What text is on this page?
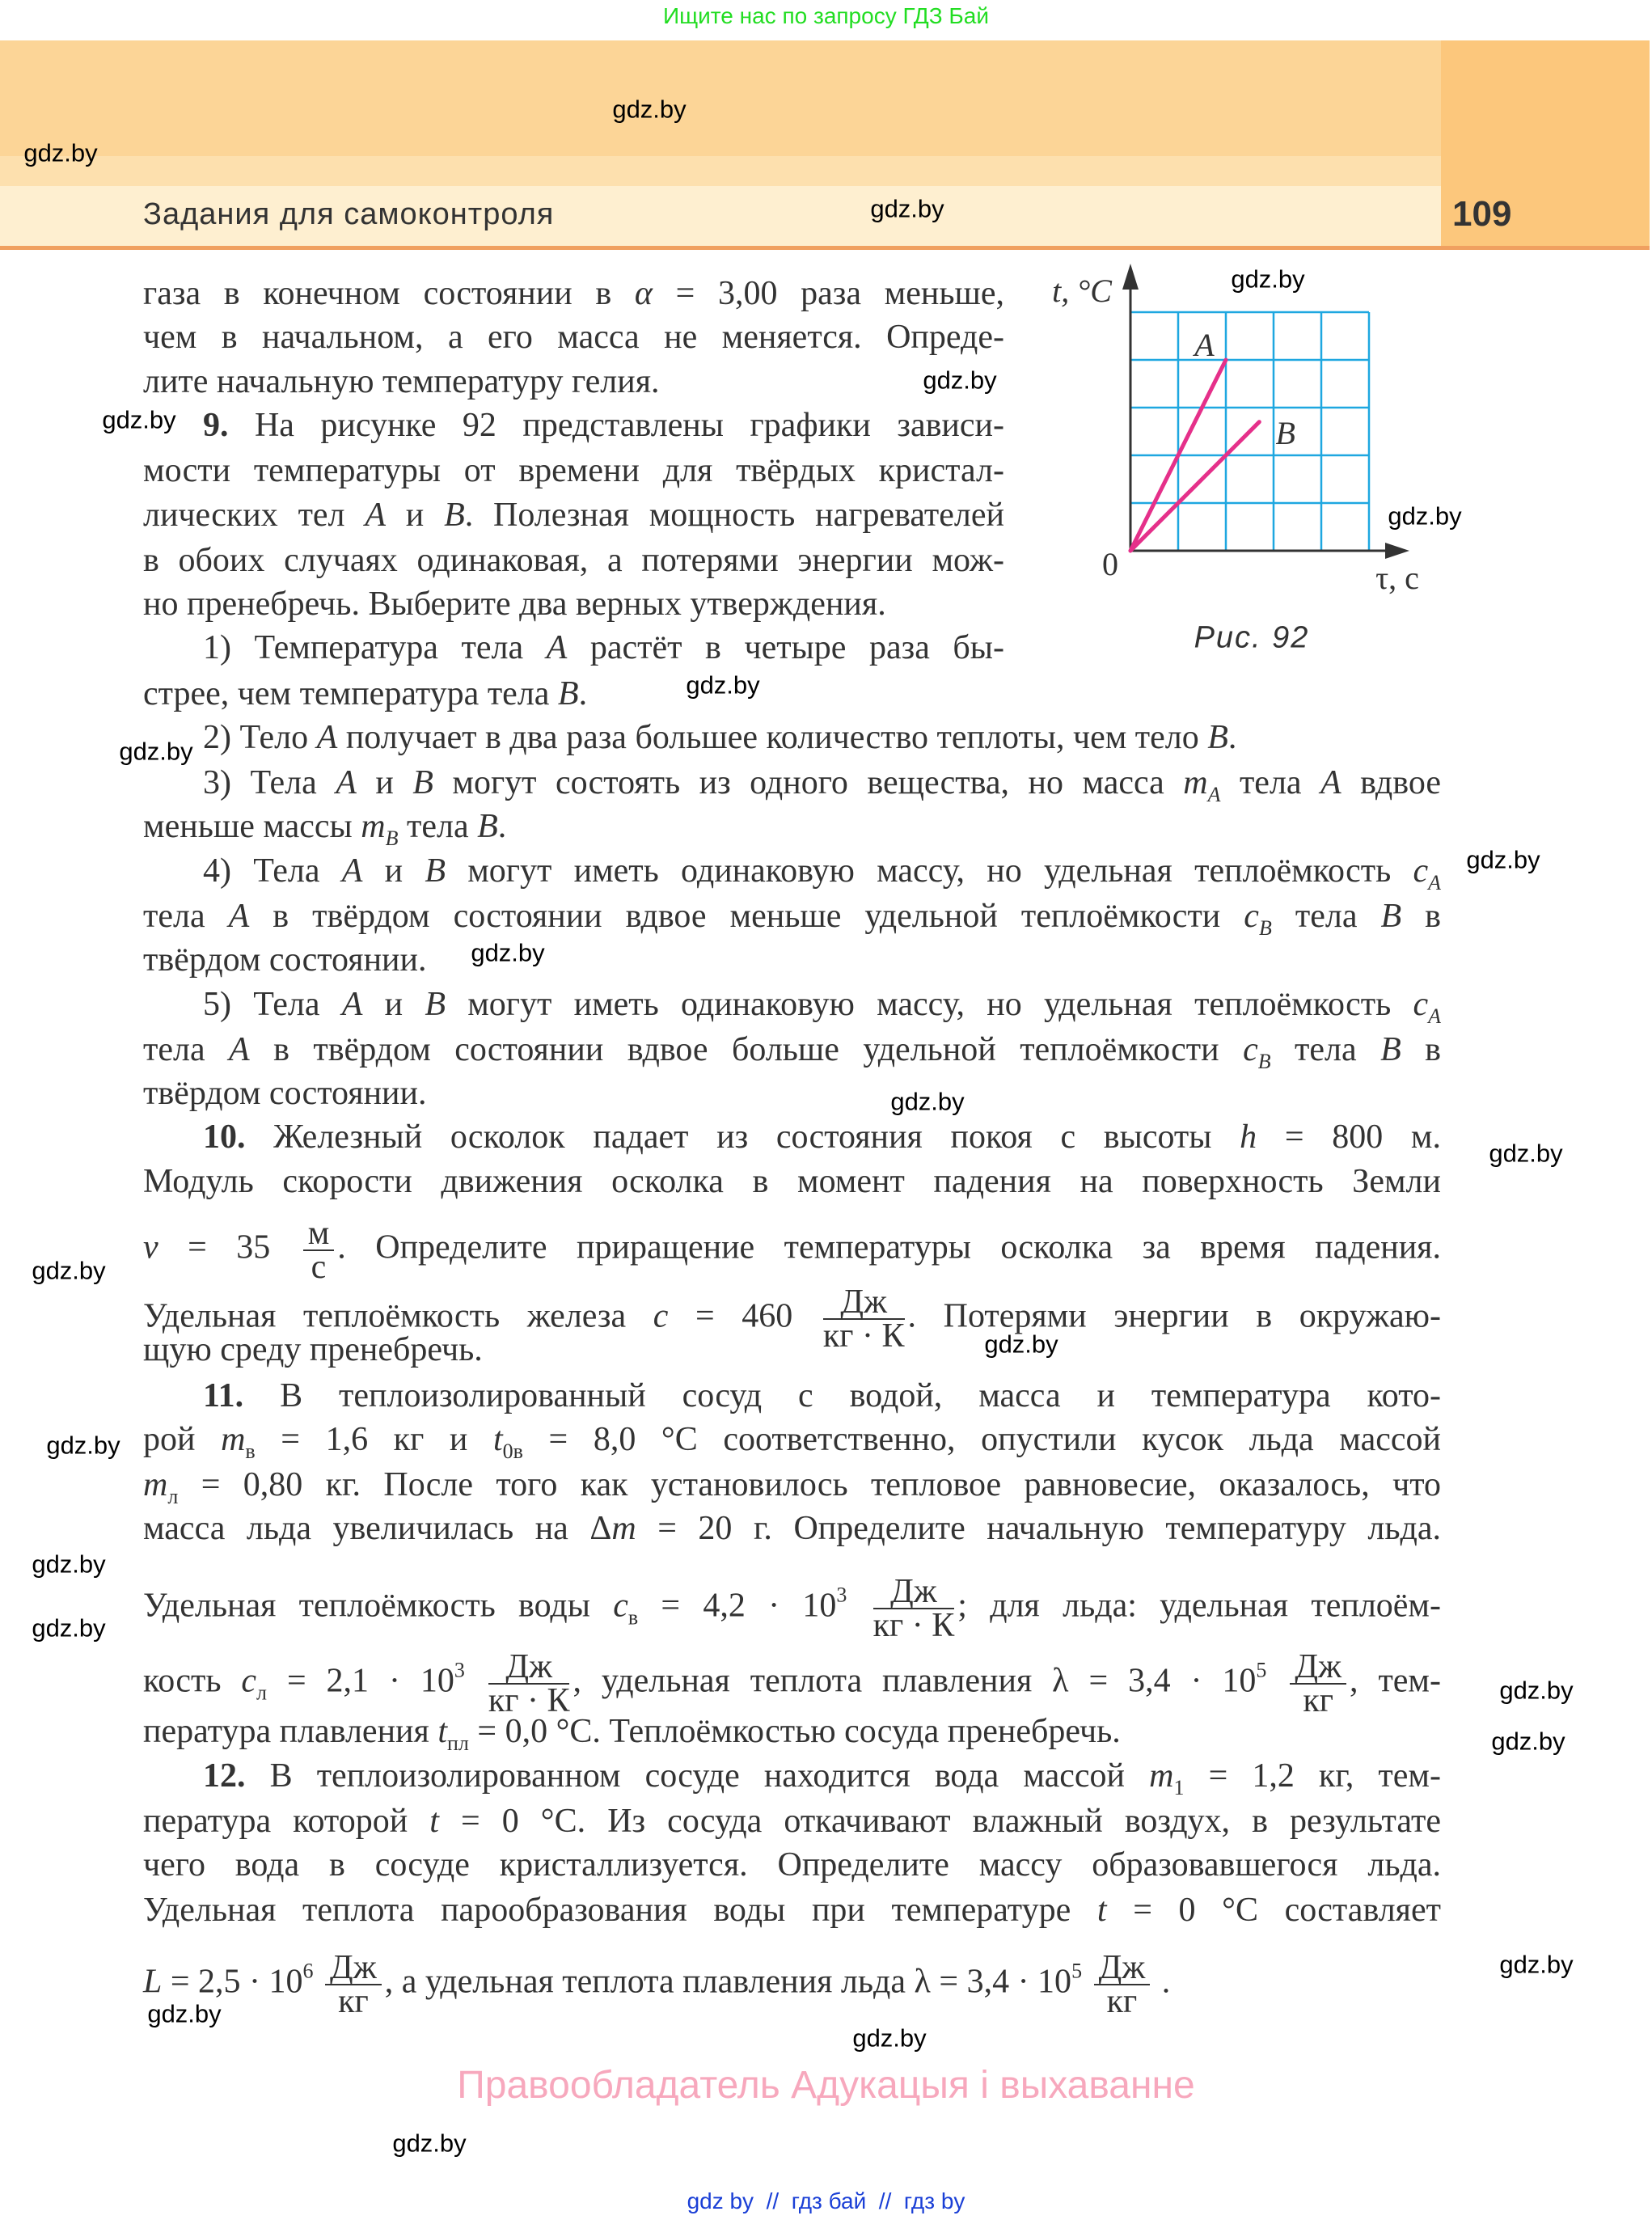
Ищите нас по запросу ГДЗ Бай
Задания для самоконтроля	109
газа в конечном состоянии в α = 3,00 раза меньше,
чем в начальном, а его масса не меняется. Опреде-
лите начальную температуру гелия.
9. На рисунке 92 представлены графики зависи-
мости температуры от времени для твёрдых кристал-
лических тел A и B. Полезная мощность нагревателей
в обоих случаях одинаковая, а потерями энергии мож-
но пренебречь. Выберите два верных утверждения.
1) Температура тела A растёт в четыре раза бы-
стрее, чем температура тела B.
2) Тело A получает в два раза большее количество теплоты, чем тело B.
3) Тела A и B могут состоять из одного вещества, но масса $m_A$ тела A вдвое
меньше массы $m_B$ тела B.
4) Тела A и B могут иметь одинаковую массу, но удельная теплоёмкость $c_A$
тела A в твёрдом состоянии вдвое меньше удельной теплоёмкости $c_B$ тела B в
твёрдом состоянии.
5) Тела A и B могут иметь одинаковую массу, но удельная теплоёмкость $c_A$
тела A в твёрдом состоянии вдвое больше удельной теплоёмкости $c_B$ тела B в
твёрдом состоянии.
10. Железный осколок падает из состояния покоя с высоты h = 800 м.
Модуль скорости движения осколка в момент падения на поверхность Земли
$v = 35 \frac{м}{с}$ . Определите приращение температуры осколка за время падения.
Удельная теплоёмкость железа $c = 460 \frac{Дж}{кг \cdot К}$ . Потерями энергии в окружаю-
щую среду пренебречь.
11. В теплоизолированный сосуд с водой, масса и температура кото-
рой $m_в = 1,6$ кг и $t_{0в} = 8,0$ °С соответственно, опустили кусок льда массой
$m_л = 0,80$ кг. После того как установилось тепловое равновесие, оказалось, что
масса льда увеличилась на Δm = 20 г. Определите начальную температуру льда.
Удельная теплоёмкость воды $c_в = 4,2 \cdot 10^3 \frac{Дж}{кг \cdot К}$ ; для льда: удельная теплоём-
кость $c_л = 2,1 \cdot 10^3 \frac{Дж}{кг \cdot К}$ , удельная теплота плавления $\lambda = 3,4 \cdot 10^5 \frac{Дж}{кг}$ , тем-
пература плавления $t_{пл} = 0,0$ °С. Теплоёмкостью сосуда пренебречь.
12. В теплоизолированном сосуде находится вода массой $m_1 = 1,2$ кг, тем-
пература которой t = 0 °С. Из сосуда откачивают влажный воздух, в результате
чего вода в сосуде кристаллизуется. Определите массу образовавшегося льда.
Удельная теплота парообразования воды при температуре t = 0 °С составляет
$L = 2,5 \cdot 10^6 \frac{Дж}{кг}$ , а удельная теплота плавления льда $\lambda = 3,4 \cdot 10^5 \frac{Дж}{кг}$ .
t, °C
0	τ, с
A
B
Рис. 92
gdz.by
gdz.by
gdz.by
gdz.by
gdz.by
gdz.by
gdz.by
gdz.by
gdz.by
gdz.by
gdz.by
gdz.by
gdz.by
gdz.by
gdz.by
gdz.by
gdz.by
gdz.by
gdz.by
gdz.by
gdz.by
gdz.by
gdz.by
gdz.by
Правообладатель Адукацыя і выхаванне
gdz by  //  гдз бай  //  гдз by
